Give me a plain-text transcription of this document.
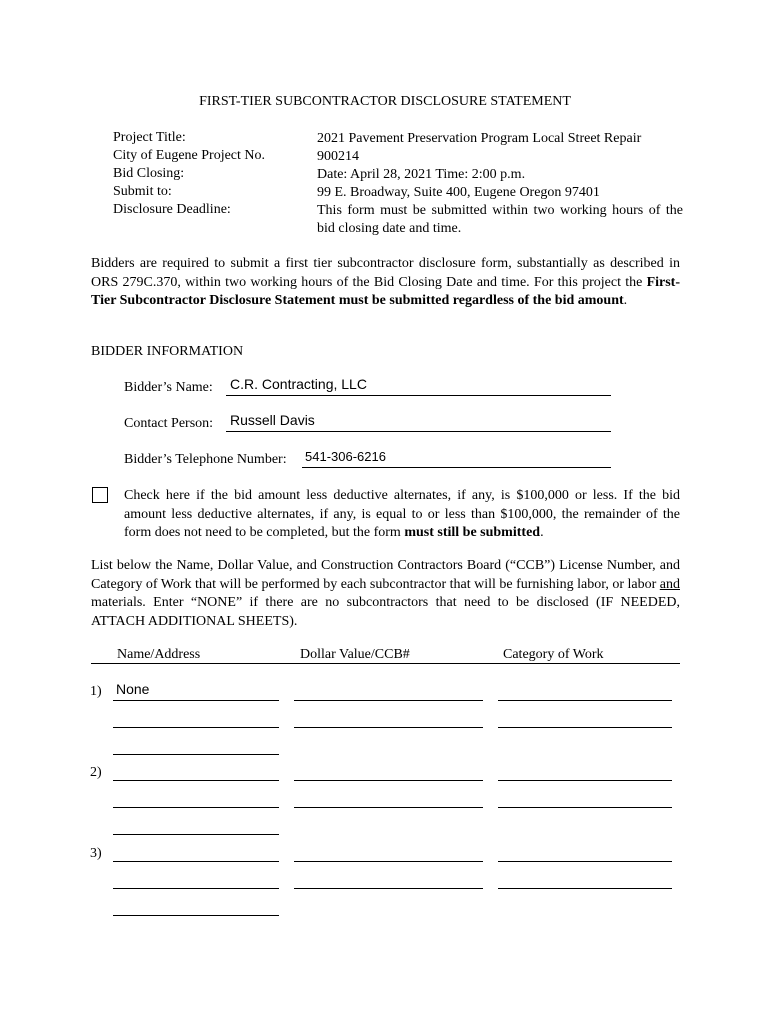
FIRST-TIER SUBCONTRACTOR DISCLOSURE STATEMENT
Project Title:	2021 Pavement Preservation Program Local Street Repair
City of Eugene Project No.	900214
Bid Closing:	Date: April 28, 2021 Time: 2:00 p.m.
Submit to:	99 E. Broadway, Suite 400, Eugene Oregon 97401
Disclosure Deadline:	This form must be submitted within two working hours of the bid closing date and time.
Bidders are required to submit a first tier subcontractor disclosure form, substantially as described in ORS 279C.370, within two working hours of the Bid Closing Date and time. For this project the First-Tier Subcontractor Disclosure Statement must be submitted regardless of the bid amount.
BIDDER INFORMATION
Bidder’s Name: C.R. Contracting, LLC
Contact Person: Russell Davis
Bidder’s Telephone Number: 541-306-6216
Check here if the bid amount less deductive alternates, if any, is $100,000 or less. If the bid amount less deductive alternates, if any, is equal to or less than $100,000, the remainder of the form does not need to be completed, but the form must still be submitted.
List below the Name, Dollar Value, and Construction Contractors Board (“CCB”) License Number, and Category of Work that will be performed by each subcontractor that will be furnishing labor, or labor and materials. Enter “NONE” if there are no subcontractors that need to be disclosed (IF NEEDED, ATTACH ADDITIONAL SHEETS).
Name/Address	Dollar Value/CCB#	Category of Work
1) None
2)
3)
